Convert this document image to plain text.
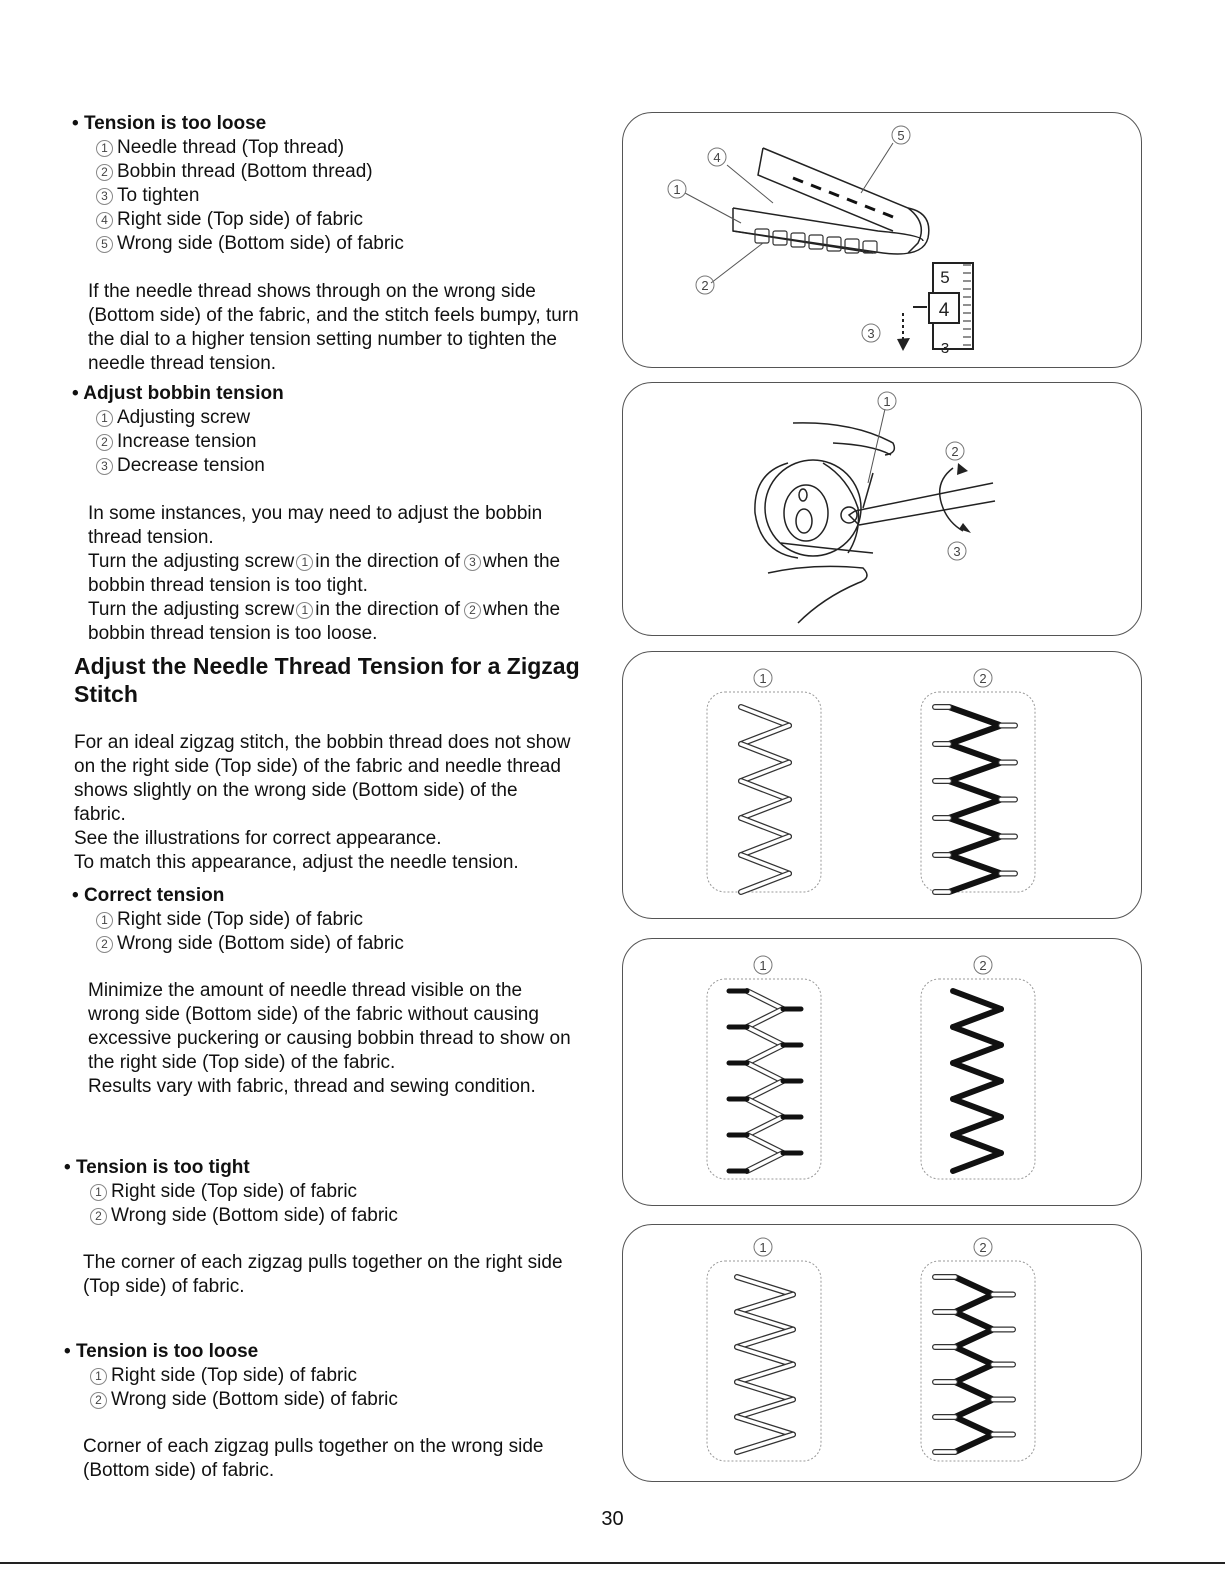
• Tension is too loose
1 Needle thread (Top thread)
2 Bobbin thread (Bottom thread)
3 To tighten
4 Right side (Top side) of fabric
5 Wrong side (Bottom side) of fabric

If the needle thread shows through on the wrong side

(Bottom side) of the fabric, and the stitch feels bumpy, turn

the dial to a higher tension setting number to tighten the

needle thread tension.

• Adjust bobbin tension
1 Adjusting screw
2 Increase tension
3 Decrease tension

In some instances, you may need to adjust the bobbin

thread tension.

Turn the adjusting screw 1 in the direction of 3 when the

bobbin thread tension is too tight.

Turn the adjusting screw 1 in the direction of 2 when the

bobbin thread tension is too loose.

Adjust the Needle Thread Tension for a Zigzag
Stitch

For an ideal zigzag stitch, the bobbin thread does not show

on the right side (Top side) of the fabric and needle thread

shows slightly on the wrong side (Bottom side) of the

fabric.

See the illustrations for correct appearance.

To match this appearance, adjust the needle tension.

• Correct tension
1 Right side (Top side) of fabric
2 Wrong side (Bottom side) of fabric

Minimize the amount of needle thread visible on the

wrong side (Bottom side) of the fabric without causing

excessive puckering or causing bobbin thread to show on

the right side (Top side) of the fabric.

Results vary with fabric, thread and sewing condition.

• Tension is too tight
1 Right side (Top side) of fabric
2 Wrong side (Bottom side) of fabric

The corner of each zigzag pulls together on the right side

(Top side) of fabric.

• Tension is too loose
1 Right side (Top side) of fabric
2 Wrong side (Bottom side) of fabric

Corner of each zigzag pulls together on the wrong side

(Bottom side) of fabric.

1
2
3
4
5
5
4
3
1
2
3
1	2
1	2
1	2
30
